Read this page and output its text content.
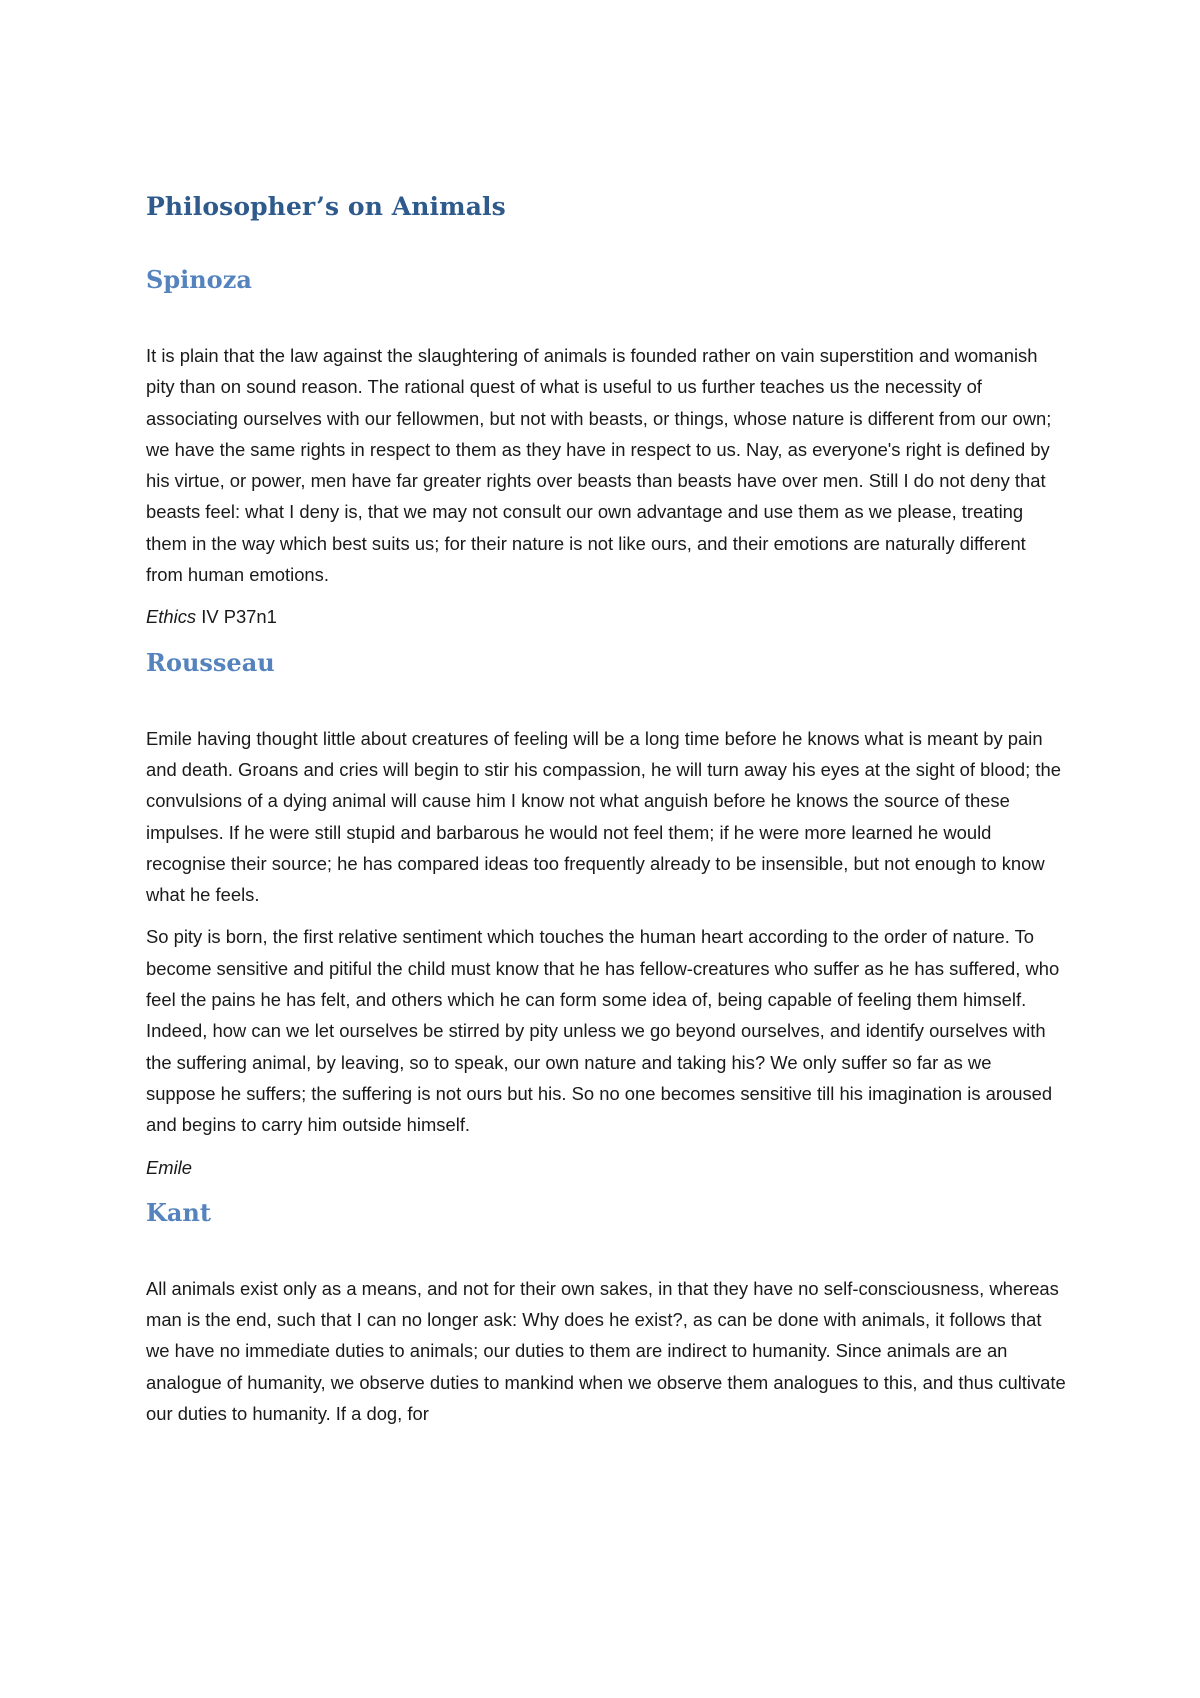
Philosopher’s on Animals
Spinoza

It is plain that the law against the slaughtering of animals is founded rather on vain superstition and womanish pity than on sound reason. The rational quest of what is useful to us further teaches us the necessity of associating ourselves with our fellowmen, but not with beasts, or things, whose nature is different from our own; we have the same rights in respect to them as they have in respect to us. Nay, as everyone's right is defined by his virtue, or power, men have far greater rights over beasts than beasts have over men. Still I do not deny that beasts feel: what I deny is, that we may not consult our own advantage and use them as we please, treating them in the way which best suits us; for their nature is not like ours, and their emotions are naturally different from human emotions.

Ethics IV P37n1

Rousseau

Emile having thought little about creatures of feeling will be a long time before he knows what is meant by pain and death. Groans and cries will begin to stir his compassion, he will turn away his eyes at the sight of blood; the convulsions of a dying animal will cause him I know not what anguish before he knows the source of these impulses. If he were still stupid and barbarous he would not feel them; if he were more learned he would recognise their source; he has compared ideas too frequently already to be insensible, but not enough to know what he feels.

So pity is born, the first relative sentiment which touches the human heart according to the order of nature. To become sensitive and pitiful the child must know that he has fellow-creatures who suffer as he has suffered, who feel the pains he has felt, and others which he can form some idea of, being capable of feeling them himself. Indeed, how can we let ourselves be stirred by pity unless we go beyond ourselves, and identify ourselves with the suffering animal, by leaving, so to speak, our own nature and taking his? We only suffer so far as we suppose he suffers; the suffering is not ours but his. So no one becomes sensitive till his imagination is aroused and begins to carry him outside himself.

Emile

Kant

All animals exist only as a means, and not for their own sakes, in that they have no self-consciousness, whereas man is the end, such that I can no longer ask: Why does he exist?, as can be done with animals, it follows that we have no immediate duties to animals; our duties to them are indirect to humanity. Since animals are an analogue of humanity, we observe duties to mankind when we observe them analogues to this, and thus cultivate our duties to humanity. If a dog, for
